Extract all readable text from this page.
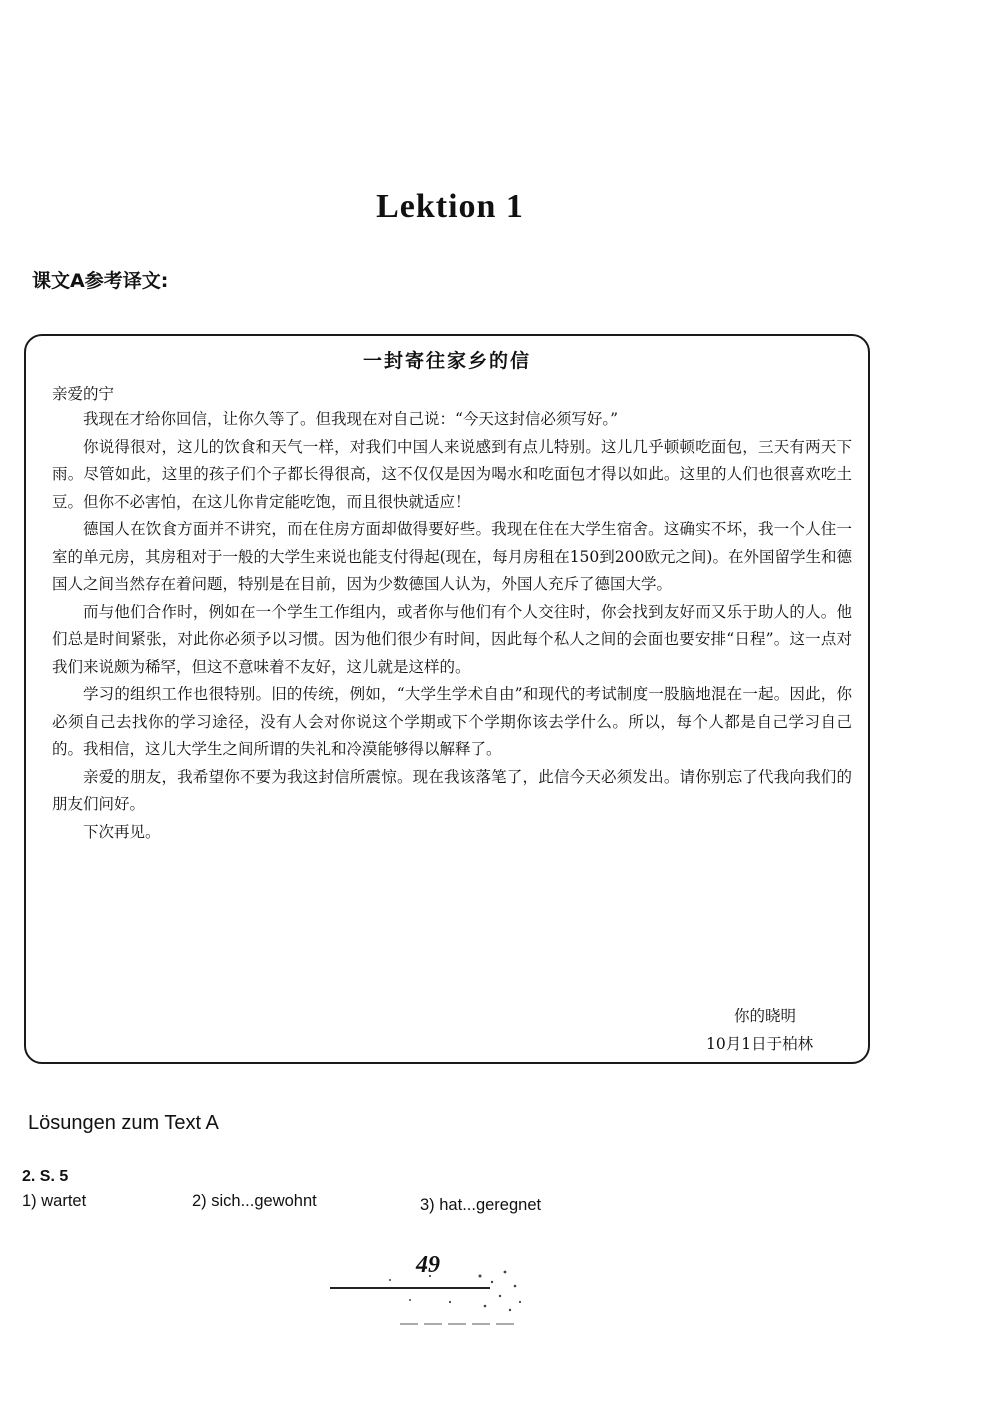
Lektion 1
课文A参考译文:
一封寄往家乡的信
亲爱的宁

我现在才给你回信，让你久等了。但我现在对自己说：“今天这封信必须写好。”

你说得很对，这儿的饮食和天气一样，对我们中国人来说感到有点儿特别。这儿几乎顿顿吃面包，三天有两天下雨。尽管如此，这里的孩子们个子都长得很高，这不仅仅是因为喝水和吃面包才得以如此。这里的人们也很喜欢吃土豆。但你不必害怕，在这儿你肯定能吃饱，而且很快就适应！

德国人在饮食方面并不讲究，而在住房方面却做得要好些。我现在住在大学生宿舍。这确实不坏，我一个人住一室的单元房，其房租对于一般的大学生来说也能支付得起(现在，每月房租在150到200欧元之间)。在外国留学生和德国人之间当然存在着问题，特别是在目前，因为少数德国人认为，外国人充斥了德国大学。

而与他们合作时，例如在一个学生工作组内，或者你与他们有个人交往时，你会找到友好而又乐于助人的人。他们总是时间紧张，对此你必须予以习惯。因为他们很少有时间，因此每个私人之间的会面也要安排“日程”。这一点对我们来说颇为稀罕，但这不意味着不友好，这儿就是这样的。

学习的组织工作也很特别。旧的传统，例如，“大学生学术自由”和现代的考试制度一股脑地混在一起。因此，你必须自己去找你的学习途径，没有人会对你说这个学期或下个学期你该去学什么。所以，每个人都是自己学习自己的。我相信，这儿大学生之间所谓的失礼和冷漠能够得以解释了。

亲爱的朋友，我希望你不要为我这封信所震惊。现在我该落笔了，此信今天必须发出。请你别忘了代我向我们的朋友们问好。

下次再见。

你的晓明
10月1日于柏林
Lösungen zum Text A
2. S. 5
1) wartet	2) sich...gewohnt	3) hat...geregnet
49
